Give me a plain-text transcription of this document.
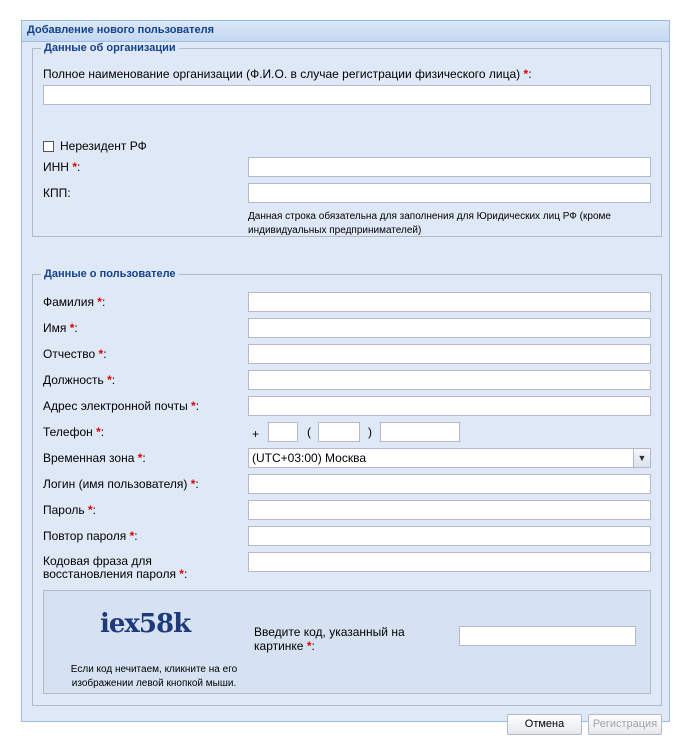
Добавление нового пользователя
Данные об организации
Полное наименование организации (Ф.И.О. в случае регистрации физического лица) *:
Нерезидент РФ
ИНН *:
КПП:
Данная строка обязательна для заполнения для Юридических лиц РФ (кроме индивидуальных предпринимателей)
Данные о пользователе
Фамилия *:
Имя *:
Отчество *:
Должность *:
Адрес электронной почты *:
Телефон *:	+	(	)
Временная зона *:	(UTC+03:00) Москва	▼
Логин (имя пользователя) *:
Пароль *:
Повтор пароля *:
Кодовая фраза для восстановления пароля *:
iex58k
Если код нечитаем, кликните на его изображении левой кнопкой мыши.
Введите код, указанный на картинке *:
Отмена	Регистрация
